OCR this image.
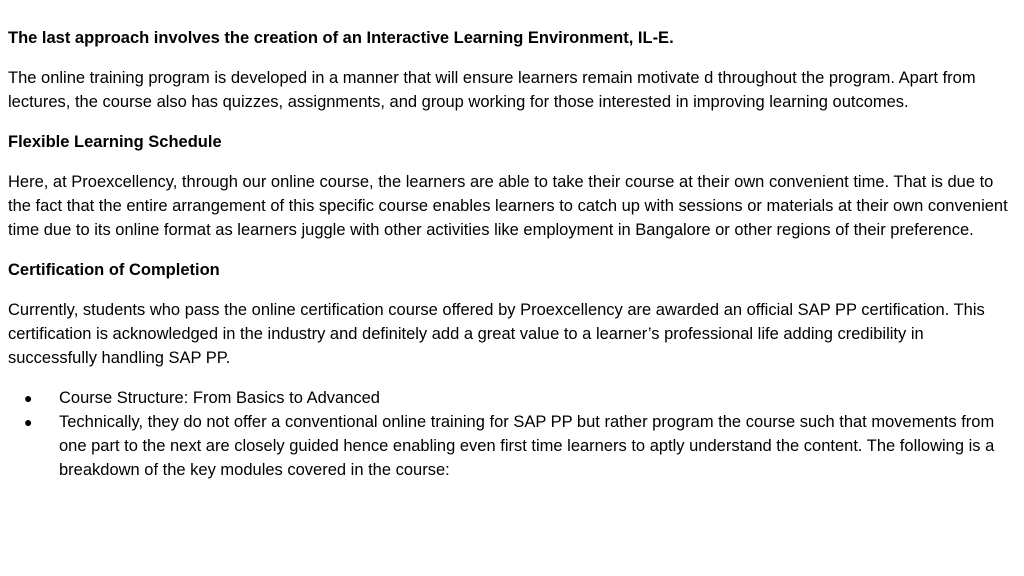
The last approach involves the creation of an Interactive Learning Environment, IL-E.

The online training program is developed in a manner that will ensure learners remain motivate d throughout the program. Apart from lectures, the course also has quizzes, assignments, and group working for those interested in improving learning outcomes.

Flexible Learning Schedule

Here, at Proexcellency, through our online course, the learners are able to take their course at their own convenient time. That is due to the fact that the entire arrangement of this specific course enables learners to catch up with sessions or materials at their own convenient time due to its online format as learners juggle with other activities like employment in Bangalore or other regions of their preference.

Certification of Completion

Currently, students who pass the online certification course offered by Proexcellency are awarded an official SAP PP certification. This certification is acknowledged in the industry and definitely add a great value to a learner’s professional life adding credibility in successfully handling SAP PP.

● Course Structure: From Basics to Advanced
● Technically, they do not offer a conventional online training for SAP PP but rather program the course such that movements from one part to the next are closely guided hence enabling even first time learners to aptly understand the content. The following is a breakdown of the key modules covered in the course:
